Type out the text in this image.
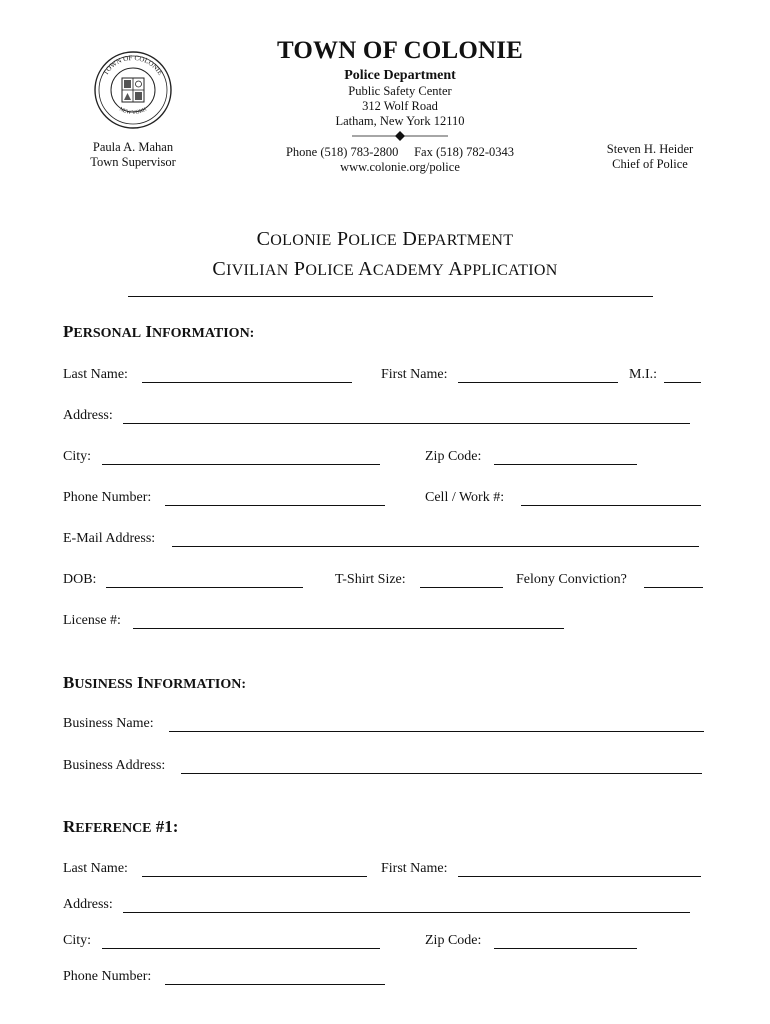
TOWN OF COLONIE
NEW YORK
TOWN OF COLONIE
Police Department
Public Safety Center
312 Wolf Road
Latham, New York 12110
Phone (518) 783-2800 Fax (518) 782-0343
www.colonie.org/police
Paula A. Mahan
Town Supervisor
Steven H. Heider
Chief of Police
COLONIE POLICE DEPARTMENT
CIVILIAN POLICE ACADEMY APPLICATION
PERSONAL INFORMATION:
Last Name:	First Name:	M.I.:
Address:
City:	Zip Code:
Phone Number:	Cell / Work #:
E-Mail Address:
DOB:	T-Shirt Size:	Felony Conviction?
License #:
BUSINESS INFORMATION:
Business Name:
Business Address:
REFERENCE #1:
Last Name:	First Name:
Address:
City:	Zip Code:
Phone Number:
